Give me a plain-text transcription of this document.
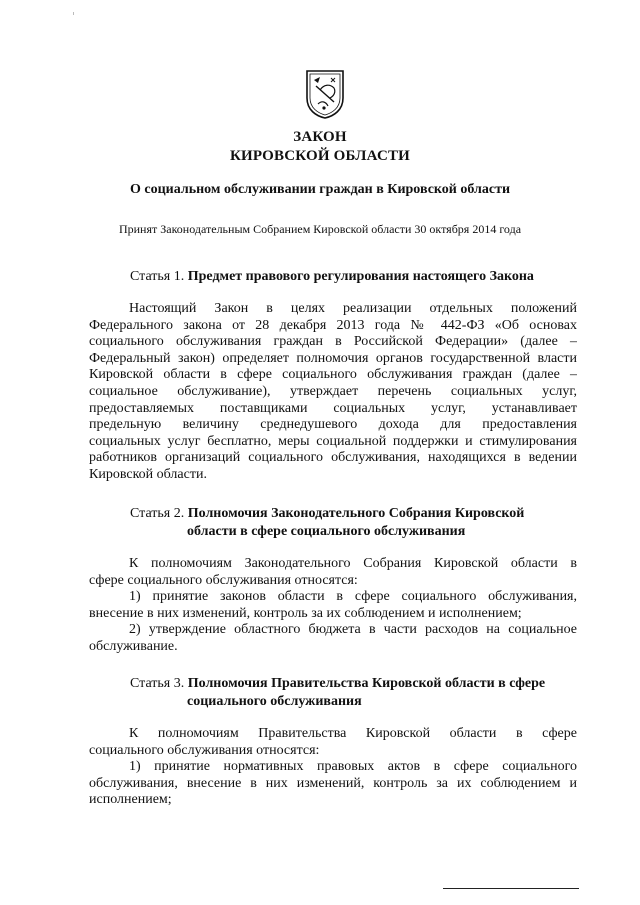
ЗАКОН
КИРОВСКОЙ ОБЛАСТИ
О социальном обслуживании граждан в Кировской области
Принят Законодательным Собранием Кировской области 30 октября 2014 года
Статья 1. Предмет правового регулирования настоящего Закона
Настоящий Закон в целях реализации отдельных положений
Федерального закона от 28 декабря 2013 года № 442-ФЗ «Об основах
социального обслуживания граждан в Российской Федерации» (далее –
Федеральный закон) определяет полномочия органов государственной власти
Кировской области в сфере социального обслуживания граждан (далее –
социальное обслуживание), утверждает перечень социальных услуг,
предоставляемых поставщиками социальных услуг, устанавливает
предельную величину среднедушевого дохода для предоставления
социальных услуг бесплатно, меры социальной поддержки и стимулирования
работников организаций социального обслуживания, находящихся в ведении
Кировской области.
Статья 2. Полномочия Законодательного Собрания Кировской
области в сфере социального обслуживания
К полномочиям Законодательного Собрания Кировской области в
сфере социального обслуживания относятся:
1) принятие законов области в сфере социального обслуживания,
внесение в них изменений, контроль за их соблюдением и исполнением;
2) утверждение областного бюджета в части расходов на социальное
обслуживание.
Статья 3. Полномочия Правительства Кировской области в сфере
социального обслуживания
К полномочиям Правительства Кировской области в сфере
социального обслуживания относятся:
1) принятие нормативных правовых актов в сфере социального
обслуживания, внесение в них изменений, контроль за их соблюдением и
исполнением;
